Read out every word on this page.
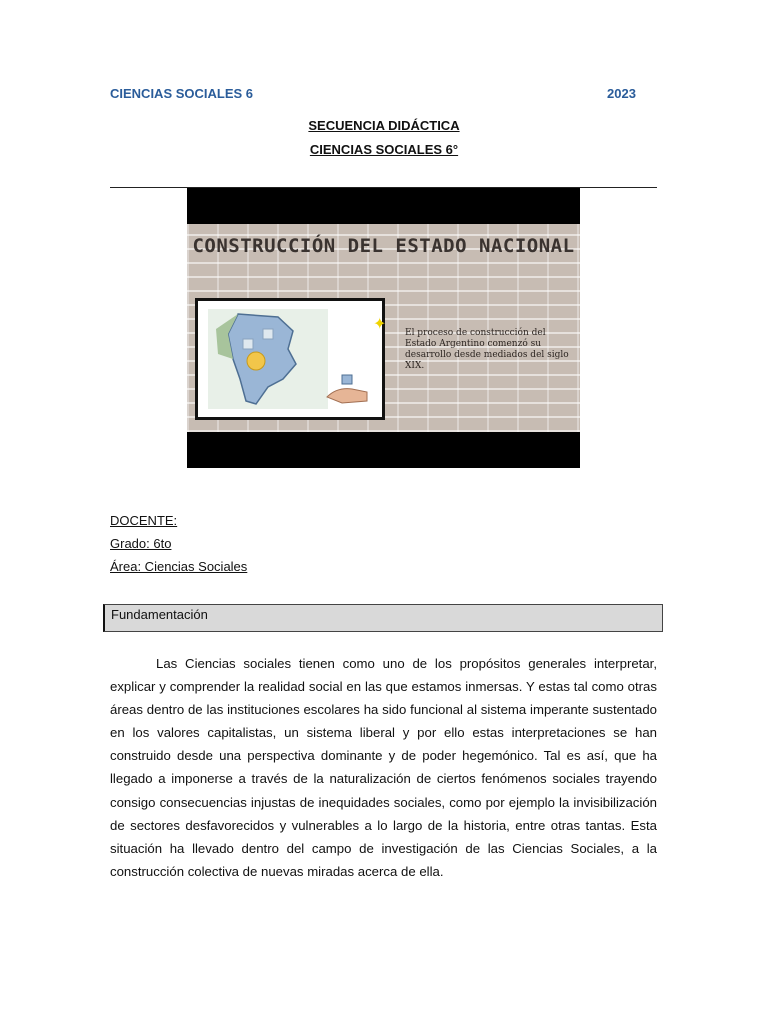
CIENCIAS SOCIALES 6	2023
SECUENCIA DIDÁCTICA
CIENCIAS SOCIALES 6°
CONSTRUCCIÓN DEL ESTADO NACIONAL
✦ El proceso de construcción del Estado Argentino comenzó su desarrollo desde mediados del siglo XIX.
DOCENTE:
Grado: 6to
Área: Ciencias Sociales
Fundamentación
Las Ciencias sociales tienen como uno de los propósitos generales interpretar, explicar y comprender la realidad social en las que estamos inmersas. Y estas tal como otras áreas dentro de las instituciones escolares ha sido funcional al sistema imperante sustentado en los valores capitalistas, un sistema liberal y por ello estas interpretaciones se han construido desde una perspectiva dominante y de poder hegemónico. Tal es así, que ha llegado a imponerse a través de la naturalización de ciertos fenómenos sociales trayendo consigo consecuencias injustas de inequidades sociales, como por ejemplo la invisibilización de sectores desfavorecidos y vulnerables a lo largo de la historia, entre otras tantas. Esta situación ha llevado dentro del campo de investigación de las Ciencias Sociales, a la construcción colectiva de nuevas miradas acerca de ella.
